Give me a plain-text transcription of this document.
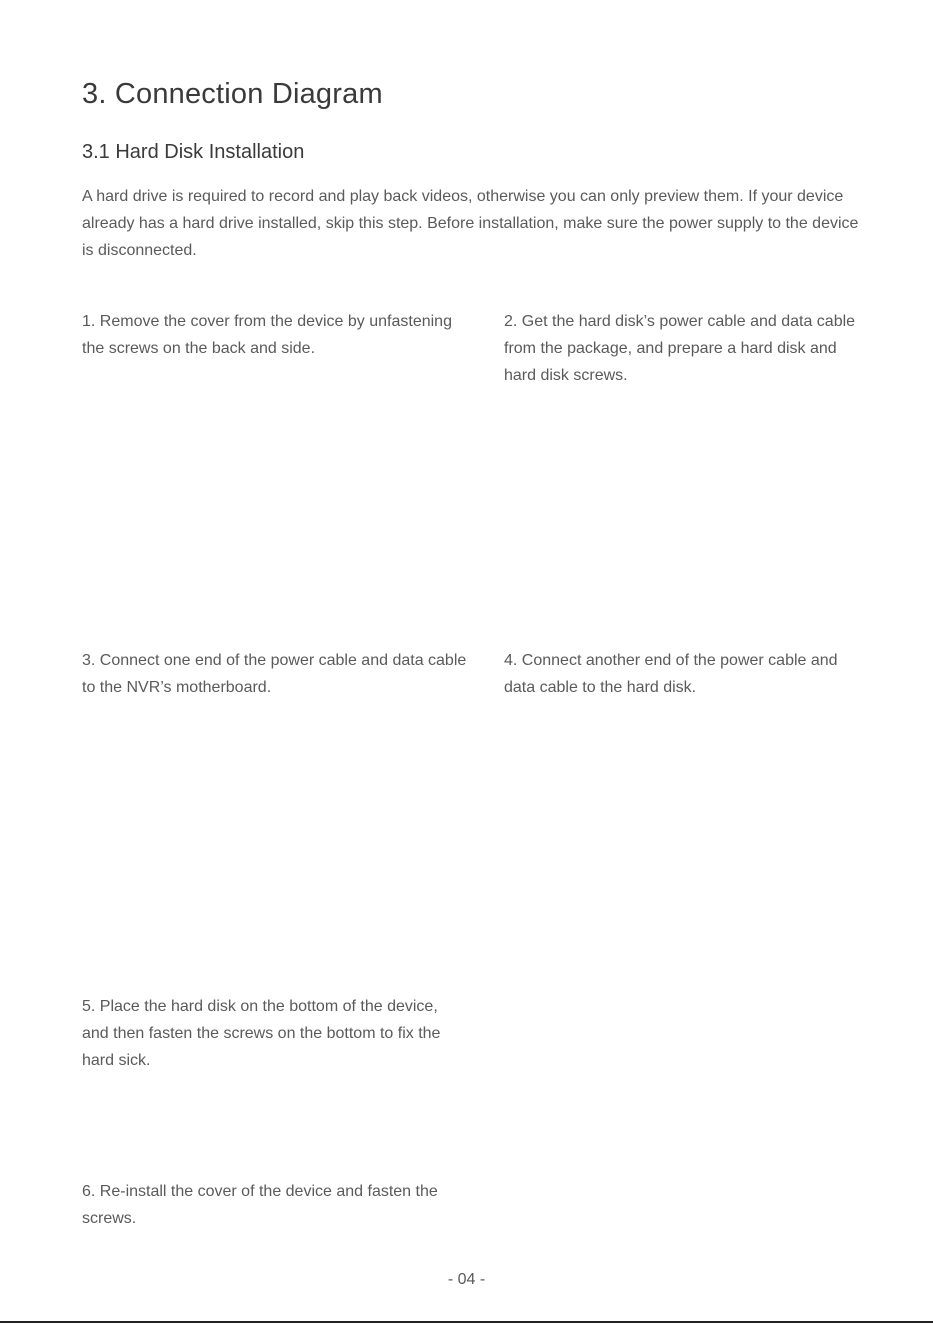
3. Connection Diagram
3.1 Hard Disk Installation

A hard drive is required to record and play back videos, otherwise you can only preview them. If your device already has a hard drive installed, skip this step. Before installation, make sure the power supply to the device is disconnected.

1. Remove the cover from the device by unfastening the screws on the back and side.

2. Get the hard disk’s power cable and data cable from the package, and prepare a hard disk and hard disk screws.

3. Connect one end of the power cable and data cable to the NVR’s motherboard.

4. Connect another end of the power cable and data cable to the hard disk.

5. Place the hard disk on the bottom of the device, and then fasten the screws on the bottom to fix the hard sick.

6. Re-install the cover of the device and fasten the screws.

- 04 -
